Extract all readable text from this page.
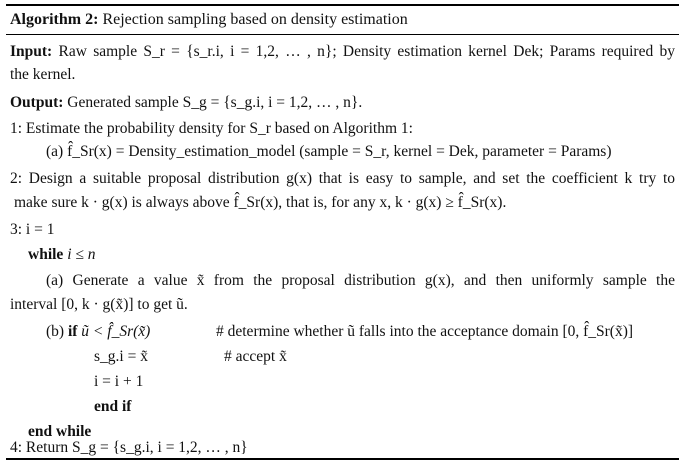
Algorithm 2: Rejection sampling based on density estimation
Input: Raw sample S_r = {s_r.i, i = 1,2, … , n}; Density estimation kernel Dek; Params required by
the kernel.
Output: Generated sample S_g = {s_g.i, i = 1,2, … , n}.
1: Estimate the probability density for S_r based on Algorithm 1:
(a) f̂_Sr(x) = Density_estimation_model (sample = S_r, kernel = Dek, parameter = Params)
2: Design a suitable proposal distribution g(x) that is easy to sample, and set the coefficient k try to
make sure k · g(x) is always above f̂_Sr(x), that is, for any x, k · g(x) ≥ f̂_Sr(x).
3: i = 1
while i ≤ n
(a) Generate a value x̃ from the proposal distribution g(x), and then uniformly sample the
interval [0, k · g(x̃)] to get ũ.
(b) if ũ < f̂_Sr(x̃)	# determine whether ũ falls into the acceptance domain [0, f̂_Sr(x̃)]
s_g.i = x̃	# accept x̃
i = i + 1
end if
end while
4: Return S_g = {s_g.i, i = 1,2, … , n}
